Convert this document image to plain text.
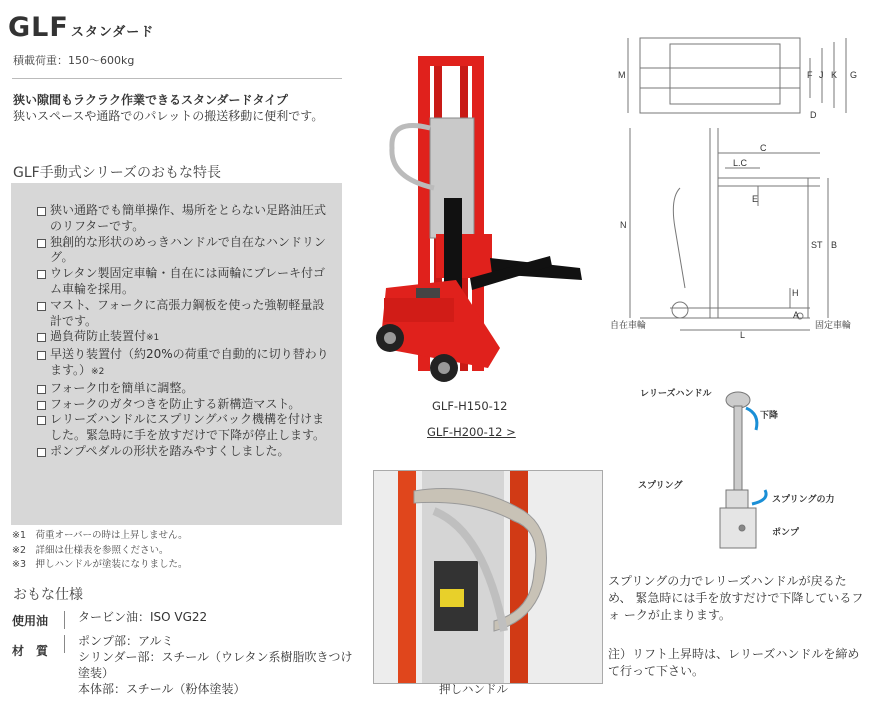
GLF スタンダード
積載荷重：150〜600kg
狭い隙間もラクラク作業できるスタンダードタイプ
狭いスペースや通路でのパレットの搬送移動に便利です。
GLF手動式シリーズのおもな特長
狭い通路でも簡単操作、場所をとらない足路油圧式のリフターです。
独創的な形状のめっきハンドルで自在なハンドリング。
ウレタン製固定車輪・自在には両輪にブレーキ付ゴム車輪を採用。
マスト、フォークに高張力鋼板を使った強靭軽量設計です。
過負荷防止装置付※1
早送り装置付（約20%の荷重で自動的に切り替わります。）※2
フォーク巾を簡単に調整。
フォークのガタつきを防止する新構造マスト。
レリーズハンドルにスプリングバック機構を付けました。緊急時に手を放すだけで下降が停止します。
ポンプペダルの形状を踏みやすくしました。
※1　荷重オーバーの時は上昇しません。
※2　詳細は仕様表を参照ください。
※3　押しハンドルが塗装になりました。
おもな仕様
使用油	タービン油：ISO VG22
材　質
ポンプ部：アルミ
シリンダー部：スチール（ウレタン系樹脂吹きつけ塗装）
本体部：スチール（粉体塗装）
GLF-H150-12
GLF-H200-12 >
押しハンドル
M	F J K G
D
C
L.C
E
N
ST B
H
A
L
自在車輪	固定車輪
レリーズハンドル
下降
スプリング
スプリングの力
ポンプ
スプリングの力でレリーズハンドルが戻るため、 緊急時には手を放すだけで下降しているフォ ークが止まります。
注）リフト上昇時は、レリーズハンドルを締めて行って下さい。
